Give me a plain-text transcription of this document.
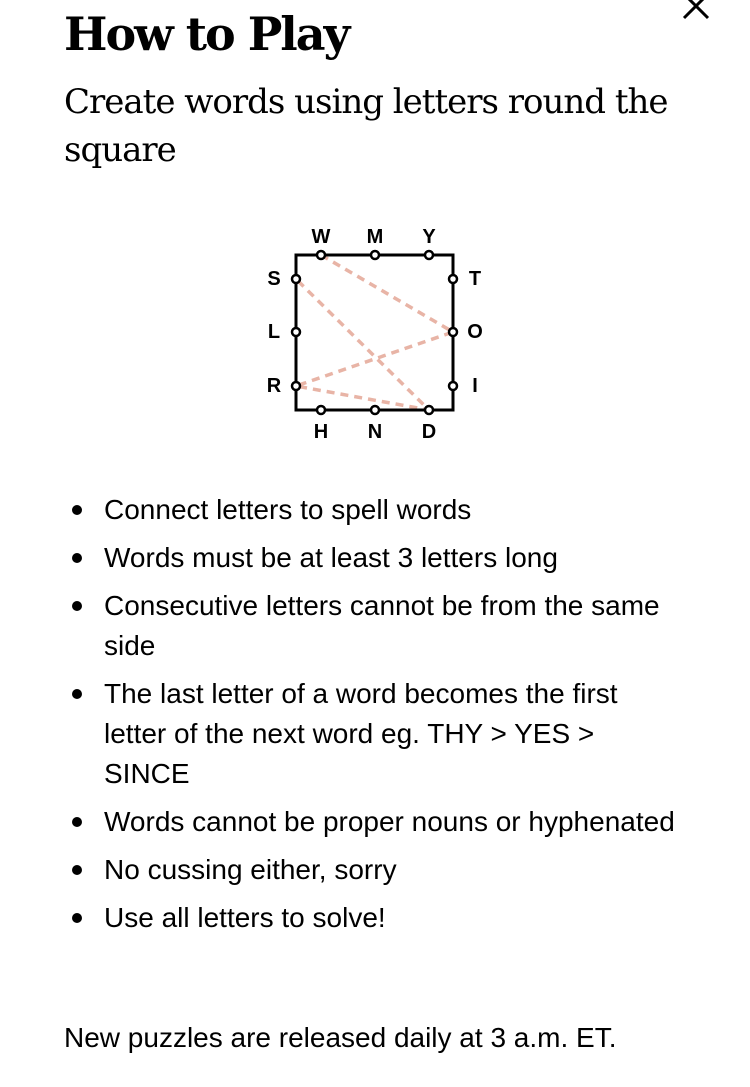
How to Play

Create words using letters round the square

W M Y
H N D
S
L
R
T
O
I
Connect letters to spell words
Words must be at least 3 letters long
Consecutive letters cannot be from the same side
The last letter of a word becomes the first letter of the next word eg. THY > YES > SINCE
Words cannot be proper nouns or hyphenated
No cussing either, sorry
Use all letters to solve!

New puzzles are released daily at 3 a.m. ET.
